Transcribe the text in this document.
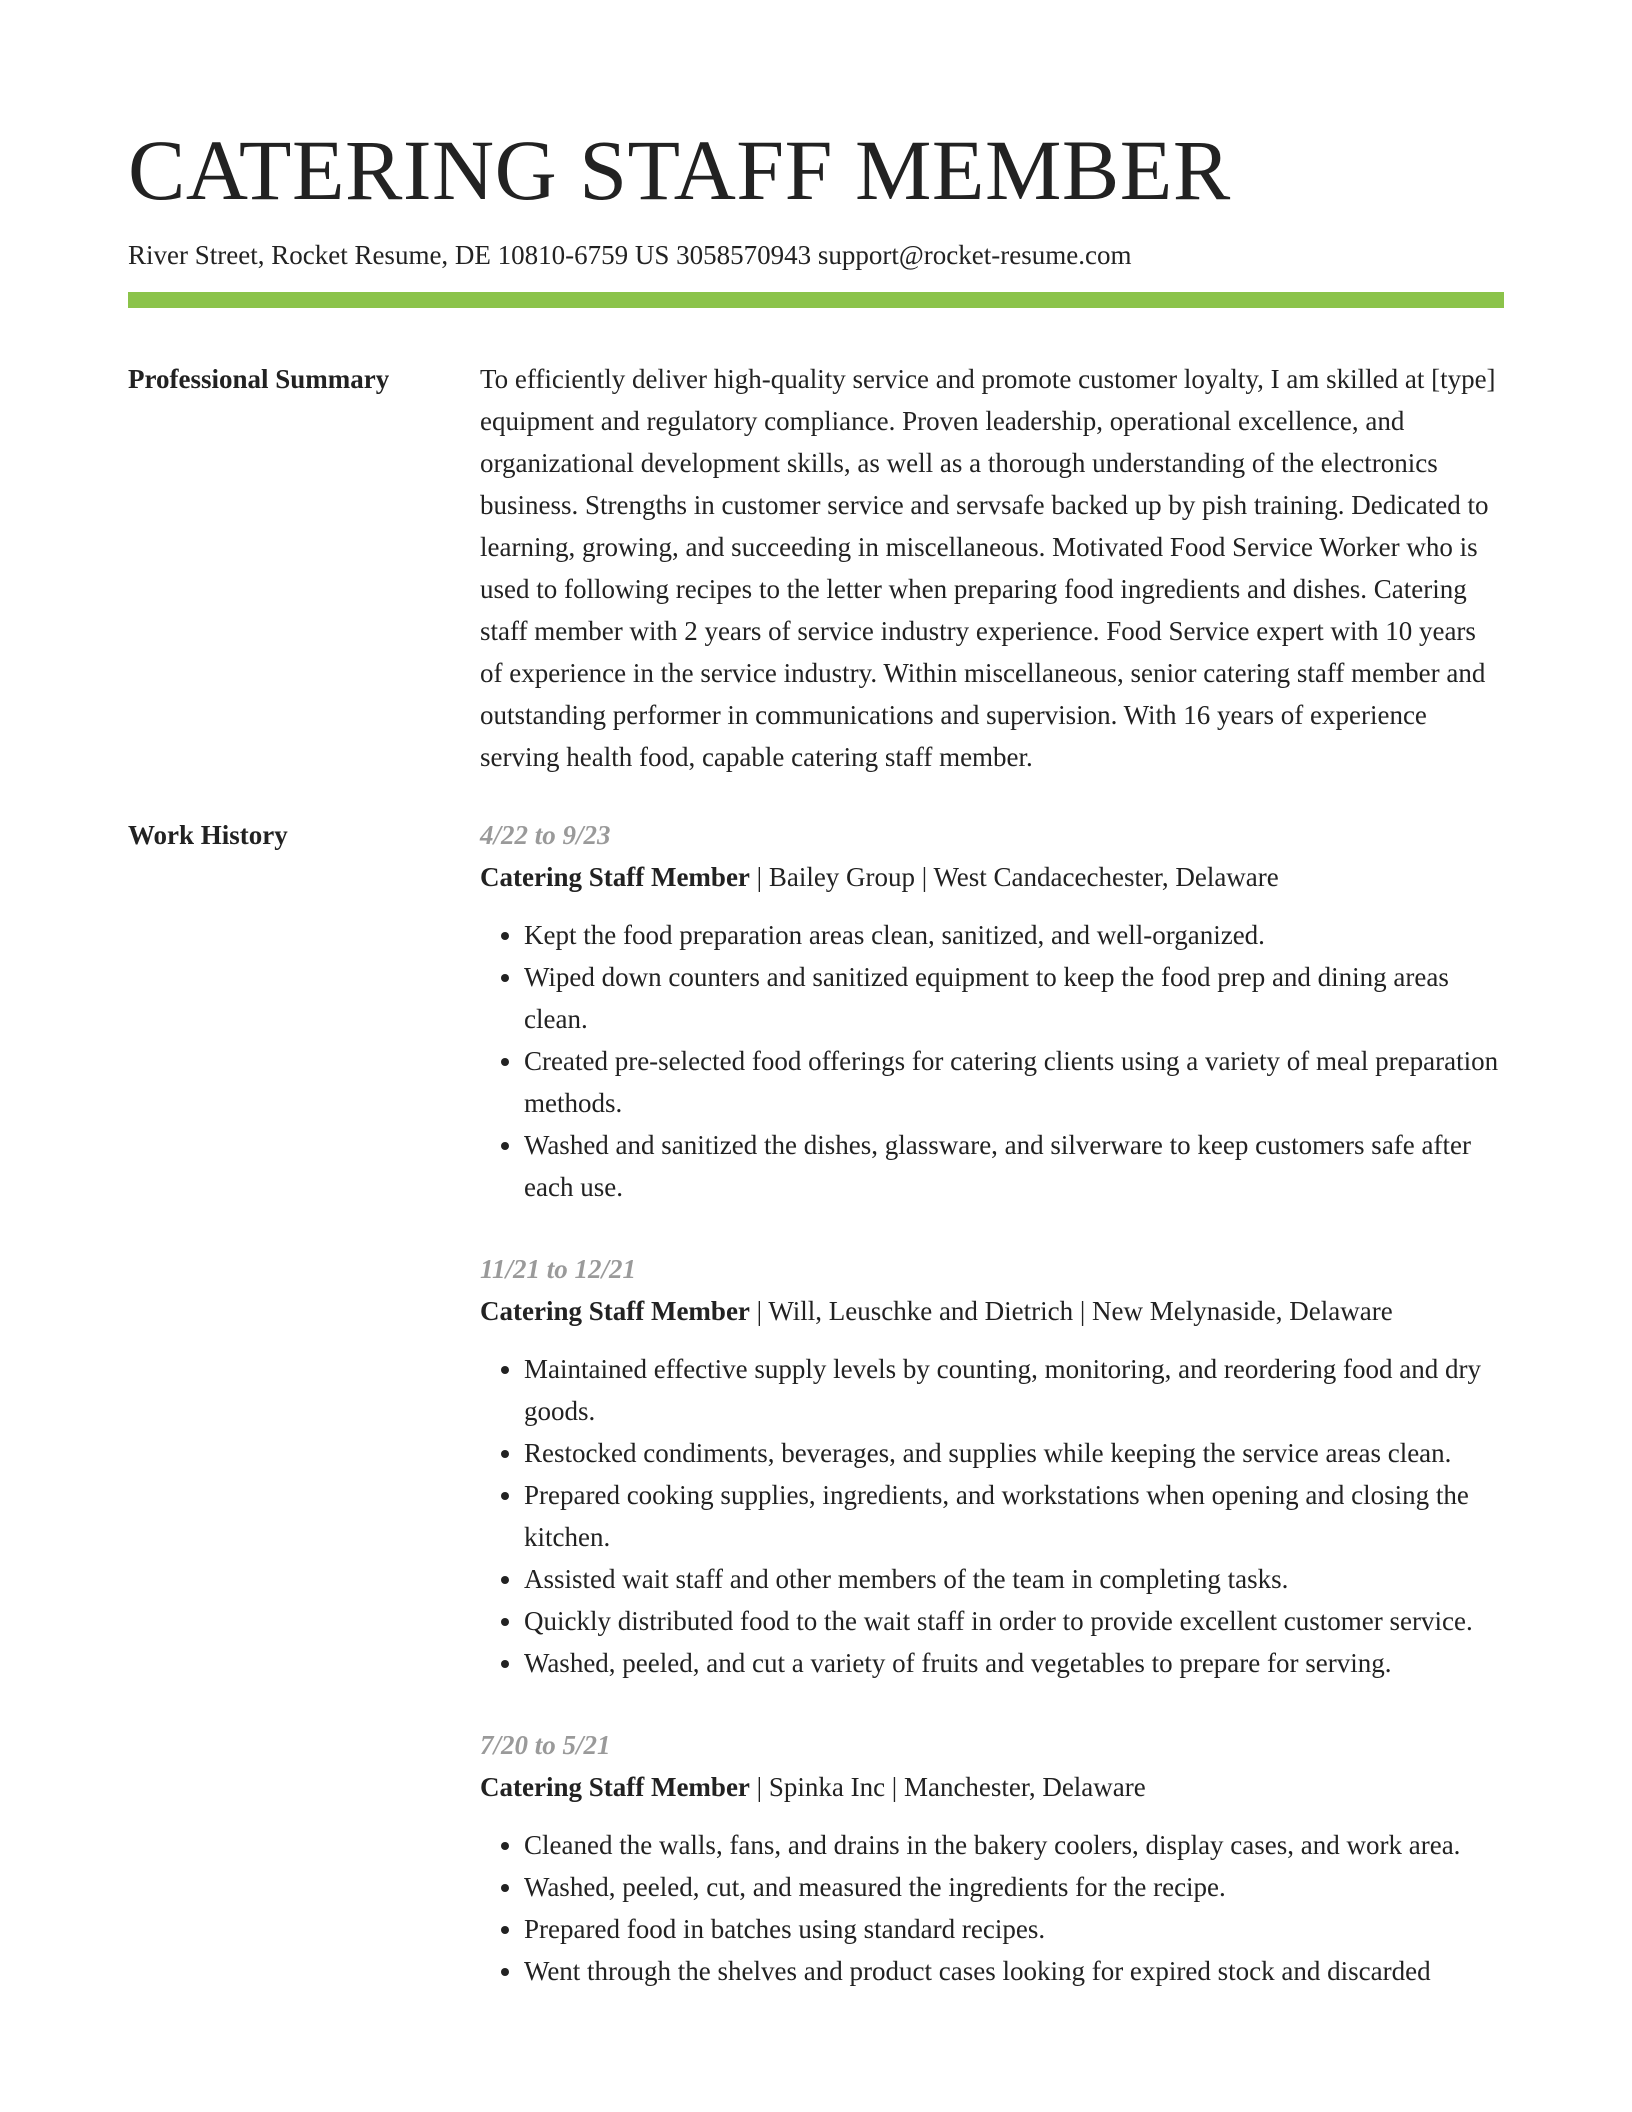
CATERING STAFF MEMBER
River Street, Rocket Resume, DE 10810-6759 US 3058570943 support@rocket-resume.com
Professional Summary	To efficiently deliver high-quality service and promote customer loyalty, I am skilled at [type] equipment and regulatory compliance. Proven leadership, operational excellence, and organizational development skills, as well as a thorough understanding of the electronics business. Strengths in customer service and servsafe backed up by pish training. Dedicated to learning, growing, and succeeding in miscellaneous. Motivated Food Service Worker who is used to following recipes to the letter when preparing food ingredients and dishes. Catering staff member with 2 years of service industry experience. Food Service expert with 10 years of experience in the service industry. Within miscellaneous, senior catering staff member and outstanding performer in communications and supervision. With 16 years of experience serving health food, capable catering staff member.

Work History	4/22 to 9/23
Catering Staff Member | Bailey Group | West Candacechester, Delaware
• Kept the food preparation areas clean, sanitized, and well-organized.
• Wiped down counters and sanitized equipment to keep the food prep and dining areas clean.
• Created pre-selected food offerings for catering clients using a variety of meal preparation methods.
• Washed and sanitized the dishes, glassware, and silverware to keep customers safe after each use.
11/21 to 12/21
Catering Staff Member | Will, Leuschke and Dietrich | New Melynaside, Delaware
• Maintained effective supply levels by counting, monitoring, and reordering food and dry goods.
• Restocked condiments, beverages, and supplies while keeping the service areas clean.
• Prepared cooking supplies, ingredients, and workstations when opening and closing the kitchen.
• Assisted wait staff and other members of the team in completing tasks.
• Quickly distributed food to the wait staff in order to provide excellent customer service.
• Washed, peeled, and cut a variety of fruits and vegetables to prepare for serving.
7/20 to 5/21
Catering Staff Member | Spinka Inc | Manchester, Delaware
• Cleaned the walls, fans, and drains in the bakery coolers, display cases, and work area.
• Washed, peeled, cut, and measured the ingredients for the recipe.
• Prepared food in batches using standard recipes.
• Went through the shelves and product cases looking for expired stock and discarded
